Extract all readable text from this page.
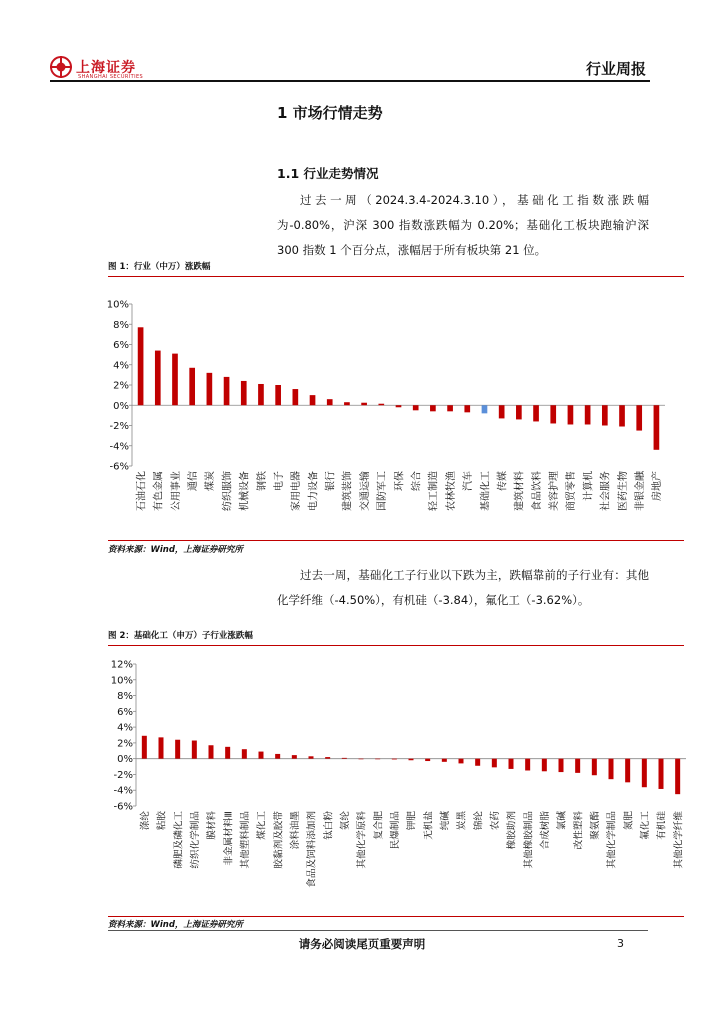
上海证券
SHANGHAI SECURITIES	行业周报
1 市场行情走势
1.1 行业走势情况

过去一周（2024.3.4-2024.3.10），基础化工指数涨跌幅为-0.80%，沪深 300 指数涨跌幅为 0.20%；基础化工板块跑输沪深 300 指数 1 个百分点，涨幅居于所有板块第 21 位。

图 1：行业（中万）涨跌幅
-6%
-4%
-2%
0%
2%
4%
6%
8%
10%
石油石化 有色金属 公用事业 通信 煤炭 纺织服饰 机械设备 钢铁 电子 家用电器 电力设备 银行 建筑装饰 交通运输 国防军工 环保 综合 轻工制造 农林牧渔 汽车 基础化工 传媒 建筑材料 食品饮料 美容护理 商贸零售 计算机 社会服务 医药生物 非银金融 房地产
资料来源：Wind，上海证券研究所

过去一周，基础化工子行业以下跌为主，跌幅靠前的子行业有：其他化学纤维（-4.50%），有机硅（-3.84），氟化工（-3.62%）。

图 2：基础化工（申万）子行业涨跌幅
-6%
-4%
-2%
0%
2%
4%
6%
8%
10%
12%
涤纶 粘胶 磷肥及磷化工 纺织化学制品 膜材料 非金属材料Ⅲ 其他塑料制品 煤化工 胶黏剂及胶带 涂料油墨 食品及饲料添加剂 钛白粉 氨纶 其他化学原料 复合肥 民爆制品 钾肥 无机盐 纯碱 炭黑 锦纶 农药 橡胶助剂 其他橡胶制品 合成树脂 氯碱 改性塑料 聚氨酯 其他化学制品 氮肥 氟化工 有机硅 其他化学纤维
资料来源：Wind，上海证券研究所
请务必阅读尾页重要声明	3
